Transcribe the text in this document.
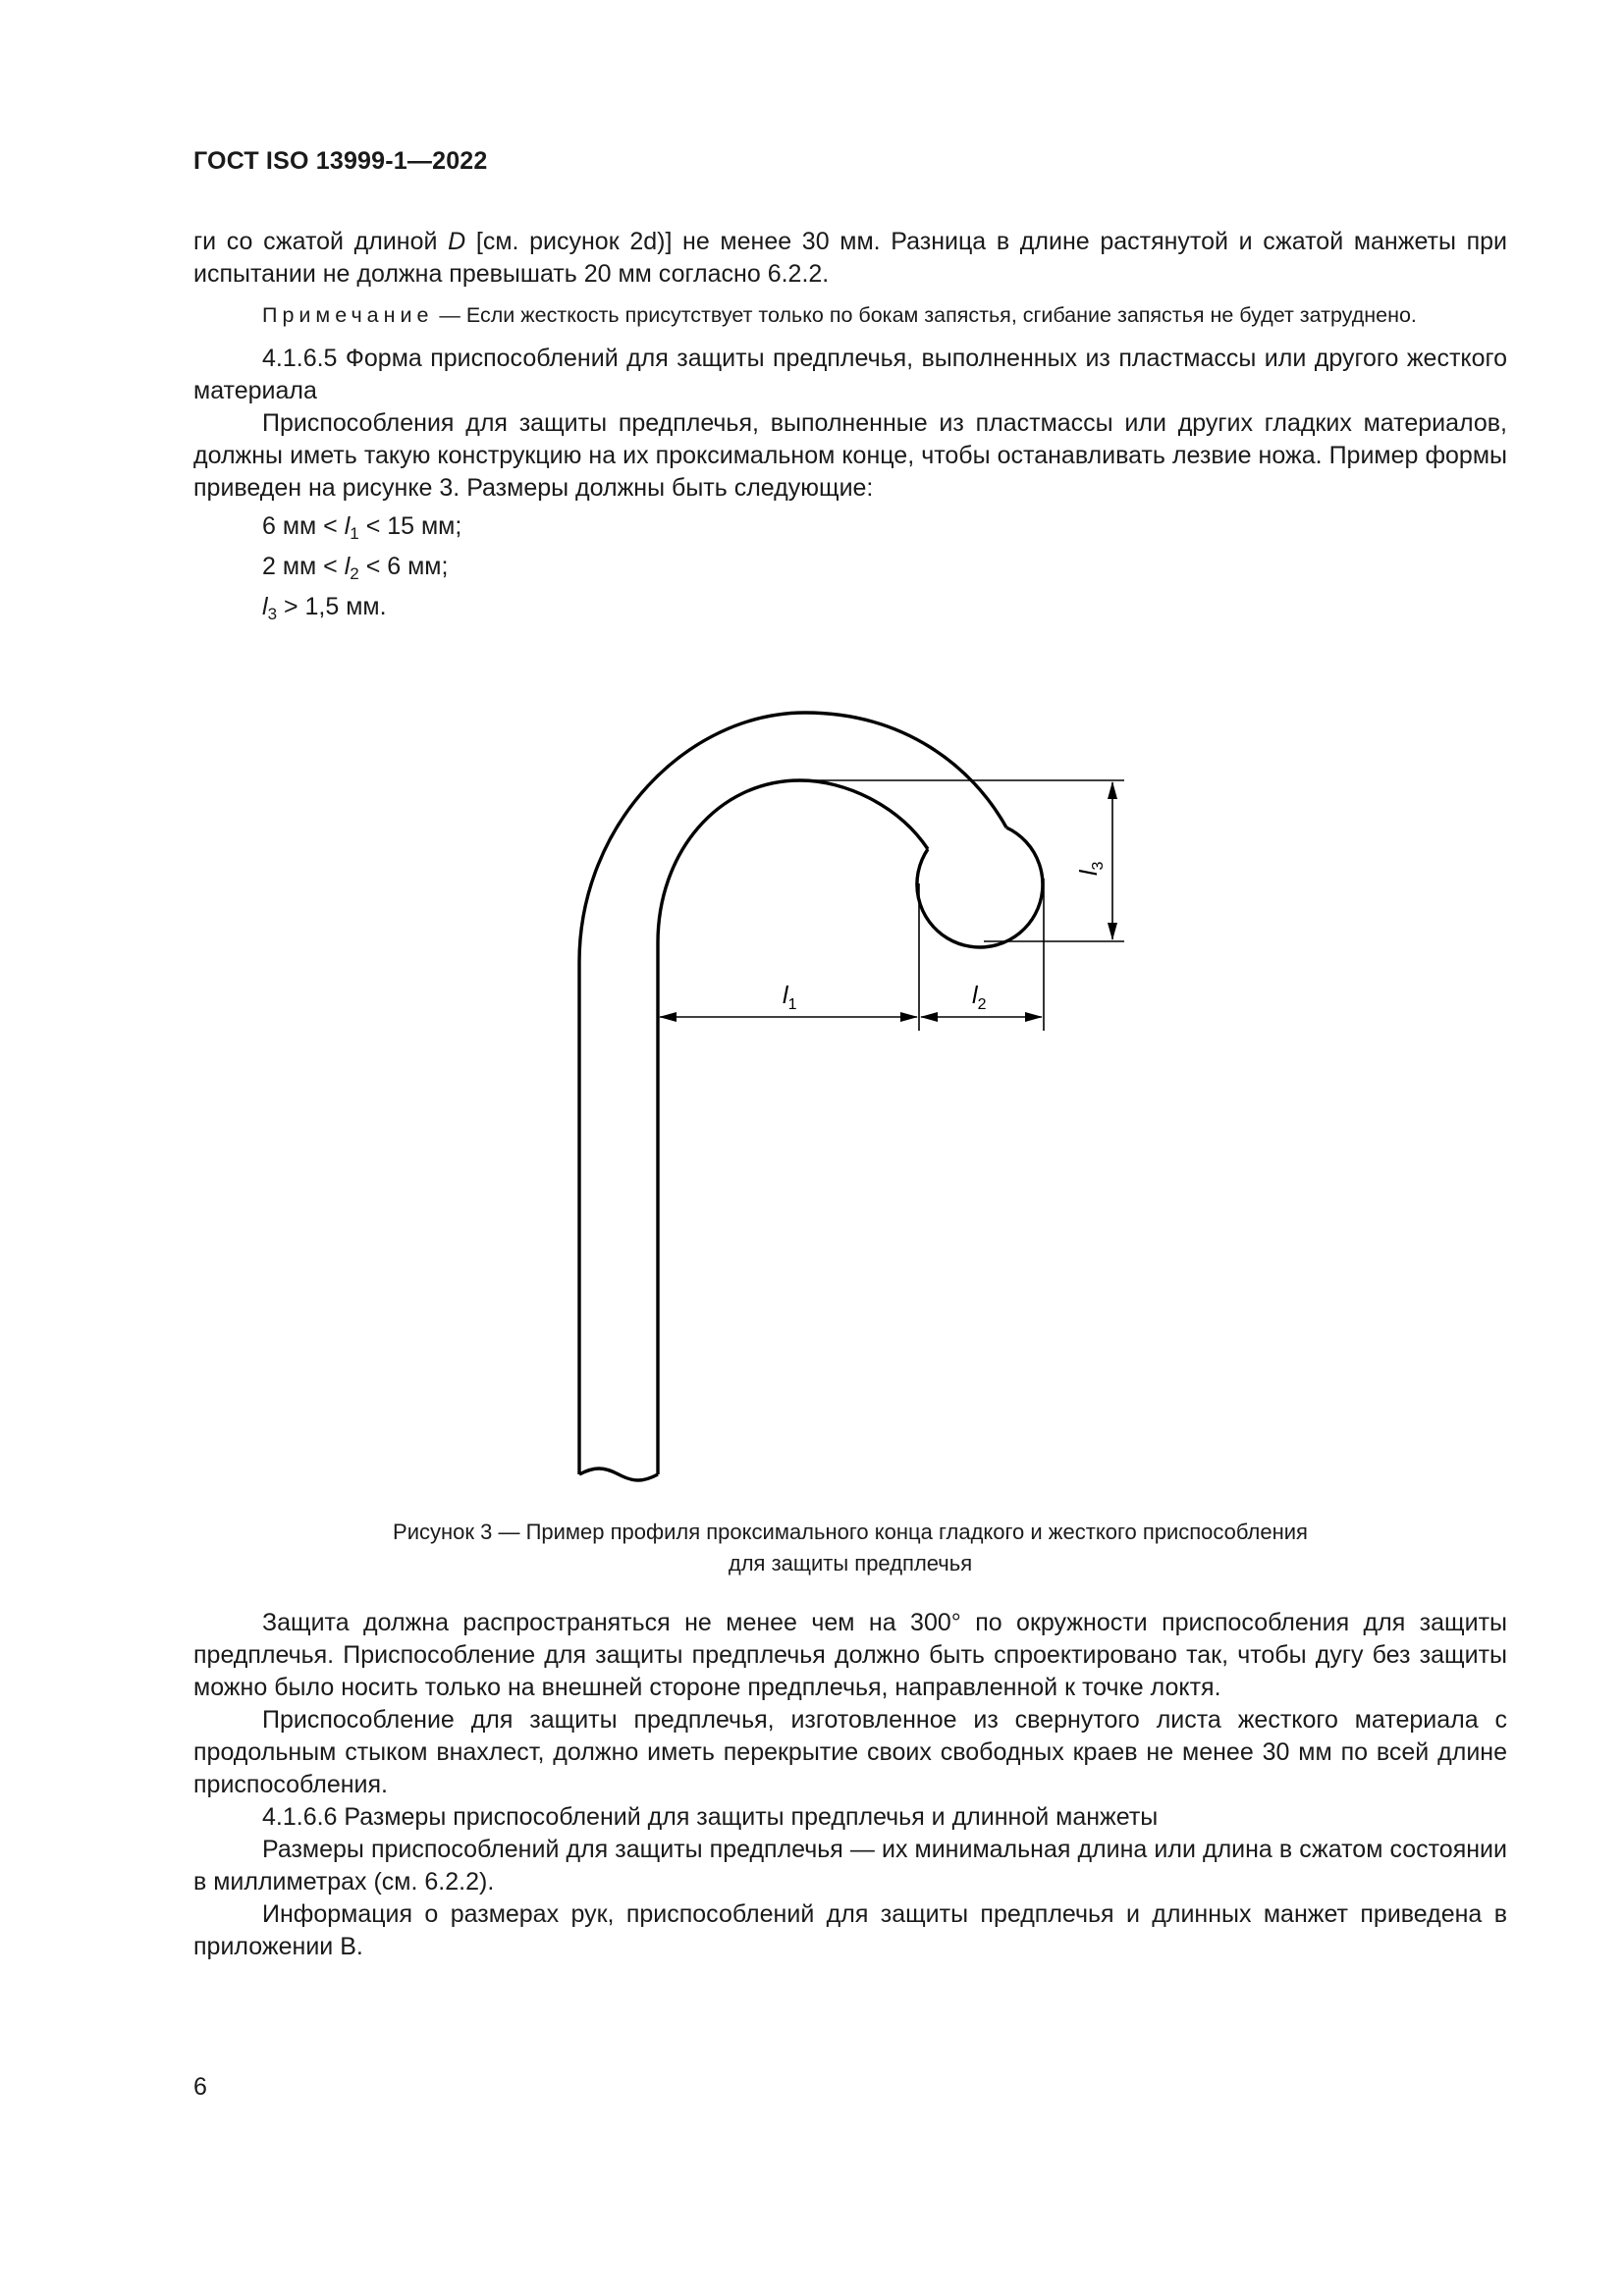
ГОСТ ISO 13999-1—2022

ги со сжатой длиной D [см. рисунок 2d)] не менее 30 мм. Разница в длине растянутой и сжатой манжеты при испытании не должна превышать 20 мм согласно 6.2.2.

Примечание — Если жесткость присутствует только по бокам запястья, сгибание запястья не будет затруднено.

4.1.6.5 Форма приспособлений для защиты предплечья, выполненных из пластмассы или другого жесткого материала

Приспособления для защиты предплечья, выполненные из пластмассы или других гладких материалов, должны иметь такую конструкцию на их проксимальном конце, чтобы останавливать лезвие ножа. Пример формы приведен на рисунке 3. Размеры должны быть следующие:

6 мм < $l_1 < 15$ мм;

2 мм < $l_2 < 6$ мм;

$l_3 > 1,5$ мм.

$l_1$	$l_2$
$l_3$
Рисунок 3 — Пример профиля проксимального конца гладкого и жесткого приспособления
для защиты предплечья

Защита должна распространяться не менее чем на 300° по окружности приспособления для защиты предплечья. Приспособление для защиты предплечья должно быть спроектировано так, чтобы дугу без защиты можно было носить только на внешней стороне предплечья, направленной к точке локтя.

Приспособление для защиты предплечья, изготовленное из свернутого листа жесткого материала с продольным стыком внахлест, должно иметь перекрытие своих свободных краев не менее 30 мм по всей длине приспособления.

4.1.6.6 Размеры приспособлений для защиты предплечья и длинной манжеты

Размеры приспособлений для защиты предплечья — их минимальная длина или длина в сжатом состоянии в миллиметрах (см. 6.2.2).

Информация о размерах рук, приспособлений для защиты предплечья и длинных манжет приведена в приложении В.

6
